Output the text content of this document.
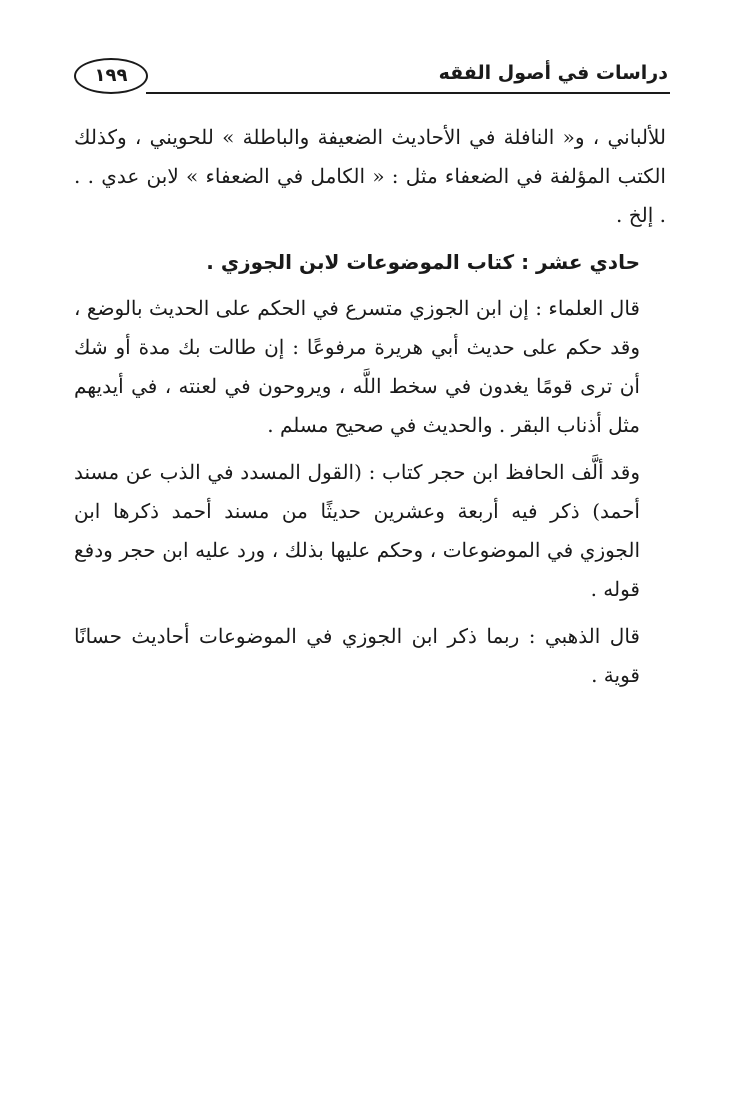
دراسات في أصول الفقه
١٩٩

للألباني ، و« النافلة في الأحاديث الضعيفة والباطلة » للحويني ، وكذلك الكتب المؤلفة في الضعفاء مثل : « الكامل في الضعفاء » لابن عدي . . . إلخ .

حادي عشر : كتاب الموضوعات لابن الجوزي .

قال العلماء : إن ابن الجوزي متسرع في الحكم على الحديث بالوضع ، وقد حكم على حديث أبي هريرة مرفوعًا : إن طالت بك مدة أو شك أن ترى قومًا يغدون في سخط اللَّه ، ويروحون في لعنته ، في أيديهم مثل أذناب البقر . والحديث في صحيح مسلم .

وقد ألَّف الحافظ ابن حجر كتاب : (القول المسدد في الذب عن مسند أحمد) ذكر فيه أربعة وعشرين حديثًا من مسند أحمد ذكرها ابن الجوزي في الموضوعات ، وحكم عليها بذلك ، ورد عليه ابن حجر ودفع قوله .

قال الذهبي : ربما ذكر ابن الجوزي في الموضوعات أحاديث حسانًا قوية .
